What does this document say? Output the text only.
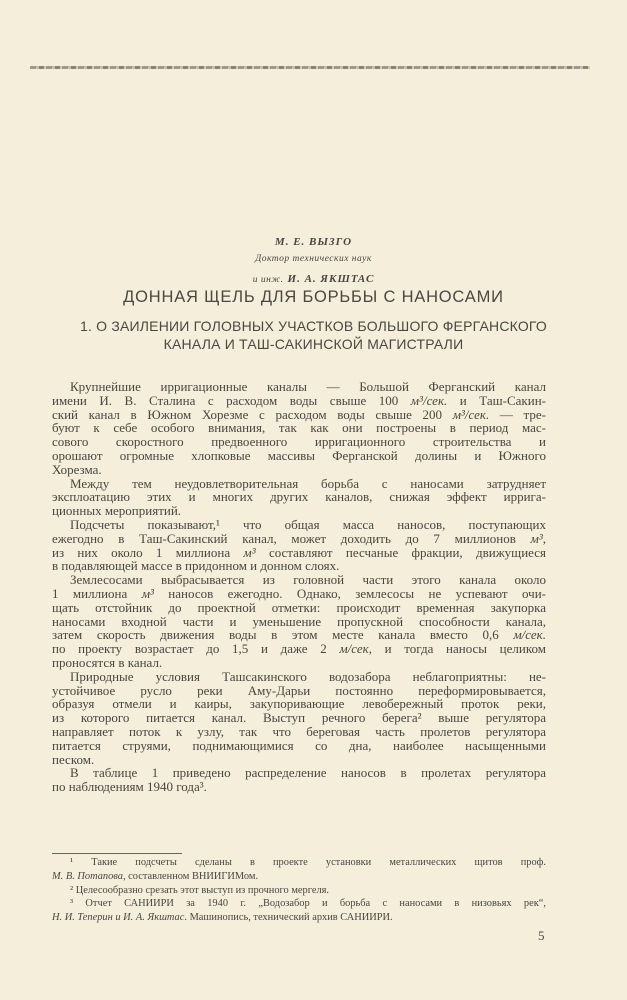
М. Е. ВЫЗГО
Доктор технических наук
и инж. И. А. ЯКШТАС
ДОННАЯ ЩЕЛЬ ДЛЯ БОРЬБЫ С НАНОСАМИ
1. О ЗАИЛЕНИИ ГОЛОВНЫХ УЧАСТКОВ БОЛЬШОГО ФЕРГАНСКОГО
КАНАЛА И ТАШ-САКИНСКОЙ МАГИСТРАЛИ
Крупнейшие ирригационные каналы — Большой Ферганский канал
имени И. В. Сталина с расходом воды свыше 100 м³/сек. и Таш-Сакин-
ский канал в Южном Хорезме с расходом воды свыше 200 м³/сек. — тре-
буют к себе особого внимания, так как они построены в период мас-
сового скоростного предвоенного ирригационного строительства и
орошают огромные хлопковые массивы Ферганской долины и Южного
Хорезма.
Между тем неудовлетворительная борьба с наносами затрудняет
эксплоатацию этих и многих других каналов, снижая эффект иррига-
ционных мероприятий.
Подсчеты показывают,¹ что общая масса наносов, поступающих
ежегодно в Таш-Сакинский канал, может доходить до 7 миллионов м³,
из них около 1 миллиона м³ составляют песчаные фракции, движущиеся
в подавляющей массе в придонном и донном слоях.
Землесосами выбрасывается из головной части этого канала около
1 миллиона м³ наносов ежегодно. Однако, землесосы не успевают очи-
щать отстойник до проектной отметки: происходит временная закупорка
наносами входной части и уменьшение пропускной способности канала,
затем скорость движения воды в этом месте канала вместо 0,6 м/сек.
по проекту возрастает до 1,5 и даже 2 м/сек, и тогда наносы целиком
проносятся в канал.
Природные условия Ташсакинского водозабора неблагоприятны: не-
устойчивое русло реки Аму-Дарьи постоянно переформировывается,
образуя отмели и каиры, закупоривающие левобережный проток реки,
из которого питается канал. Выступ речного берега² выше регулятора
направляет поток к узлу, так что береговая часть пролетов регулятора
питается струями, поднимающимися со дна, наиболее насыщенными
песком.
В таблице 1 приведено распределение наносов в пролетах регулятора
по наблюдениям 1940 года³.
¹ Такие подсчеты сделаны в проекте установки металлических щитов проф.
М. В. Потапова, составленном ВНИИГИМом.
² Целесообразно срезать этот выступ из прочного мергеля.
³ Отчет САНИИРИ за 1940 г. „Водозабор и борьба с наносами в низовьях рек“,
Н. И. Теперин и И. А. Якштас. Машинопись, технический архив САНИИРИ.
5
